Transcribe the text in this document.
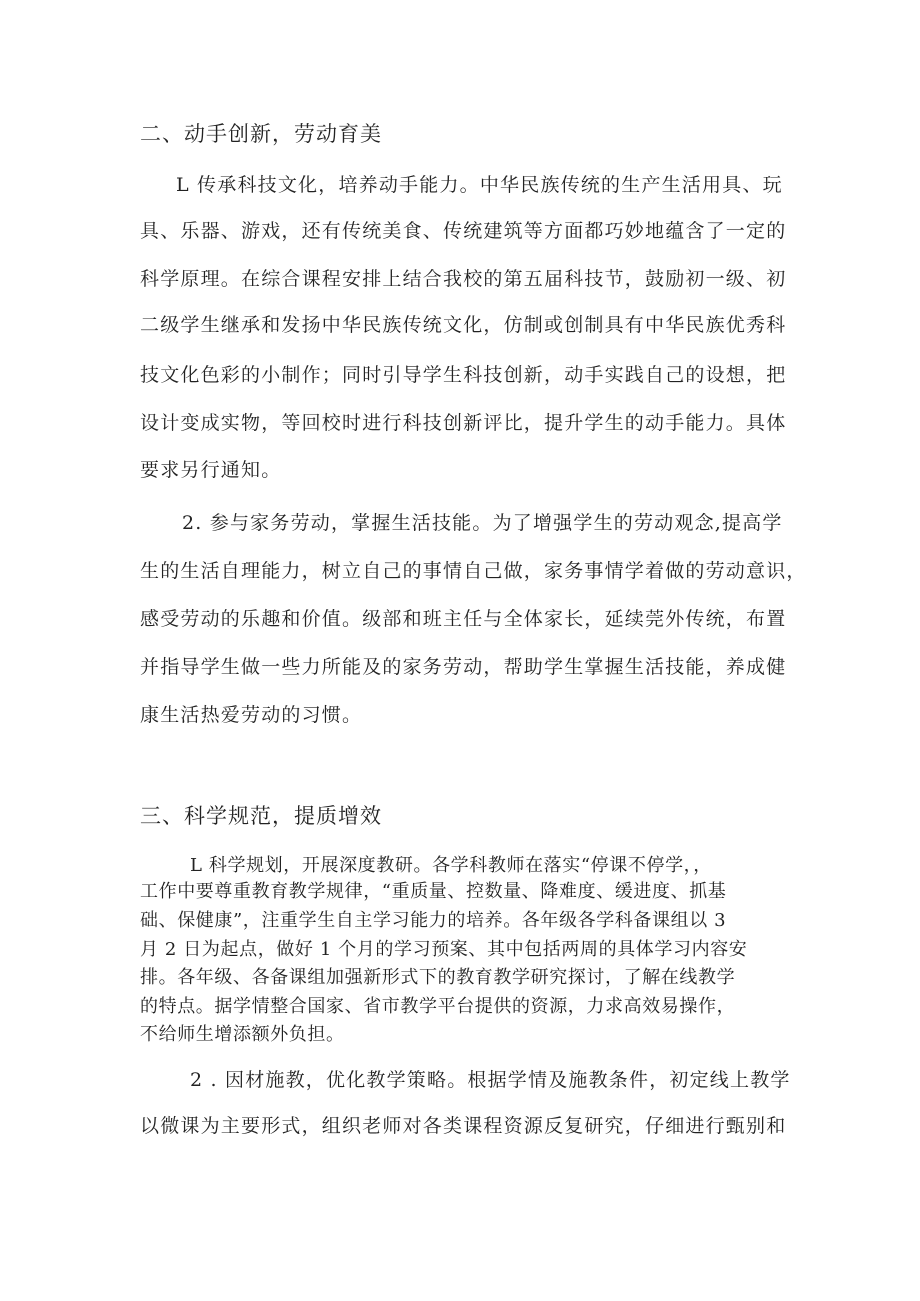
二、动手创新，劳动育美
L 传承科技文化，培养动手能力。中华民族传统的生产生活用具、玩
具、乐器、游戏，还有传统美食、传统建筑等方面都巧妙地蕴含了一定的
科学原理。在综合课程安排上结合我校的第五届科技节，鼓励初一级、初
二级学生继承和发扬中华民族传统文化，仿制或创制具有中华民族优秀科
技文化色彩的小制作；同时引导学生科技创新，动手实践自己的设想，把
设计变成实物，等回校时进行科技创新评比，提升学生的动手能力。具体
要求另行通知。
2. 参与家务劳动，掌握生活技能。为了增强学生的劳动观念,提高学
生的生活自理能力，树立自己的事情自己做，家务事情学着做的劳动意识，
感受劳动的乐趣和价值。级部和班主任与全体家长，延续莞外传统，布置
并指导学生做一些力所能及的家务劳动，帮助学生掌握生活技能，养成健
康生活热爱劳动的习惯。
三、科学规范，提质增效
L 科学规划，开展深度教研。各学科教师在落实“停课不停学，，
工作中要尊重教育教学规律，“重质量、控数量、降难度、缓进度、抓基
础、保健康”，注重学生自主学习能力的培养。各年级各学科备课组以 3
月 2 日为起点，做好 1 个月的学习预案、其中包括两周的具体学习内容安
排。各年级、各备课组加强新形式下的教育教学研究探讨，了解在线教学
的特点。据学情整合国家、省市教学平台提供的资源，力求高效易操作，
不给师生增添额外负担。
2 . 因材施教，优化教学策略。根据学情及施教条件，初定线上教学
以微课为主要形式，组织老师对各类课程资源反复研究，仔细进行甄别和
